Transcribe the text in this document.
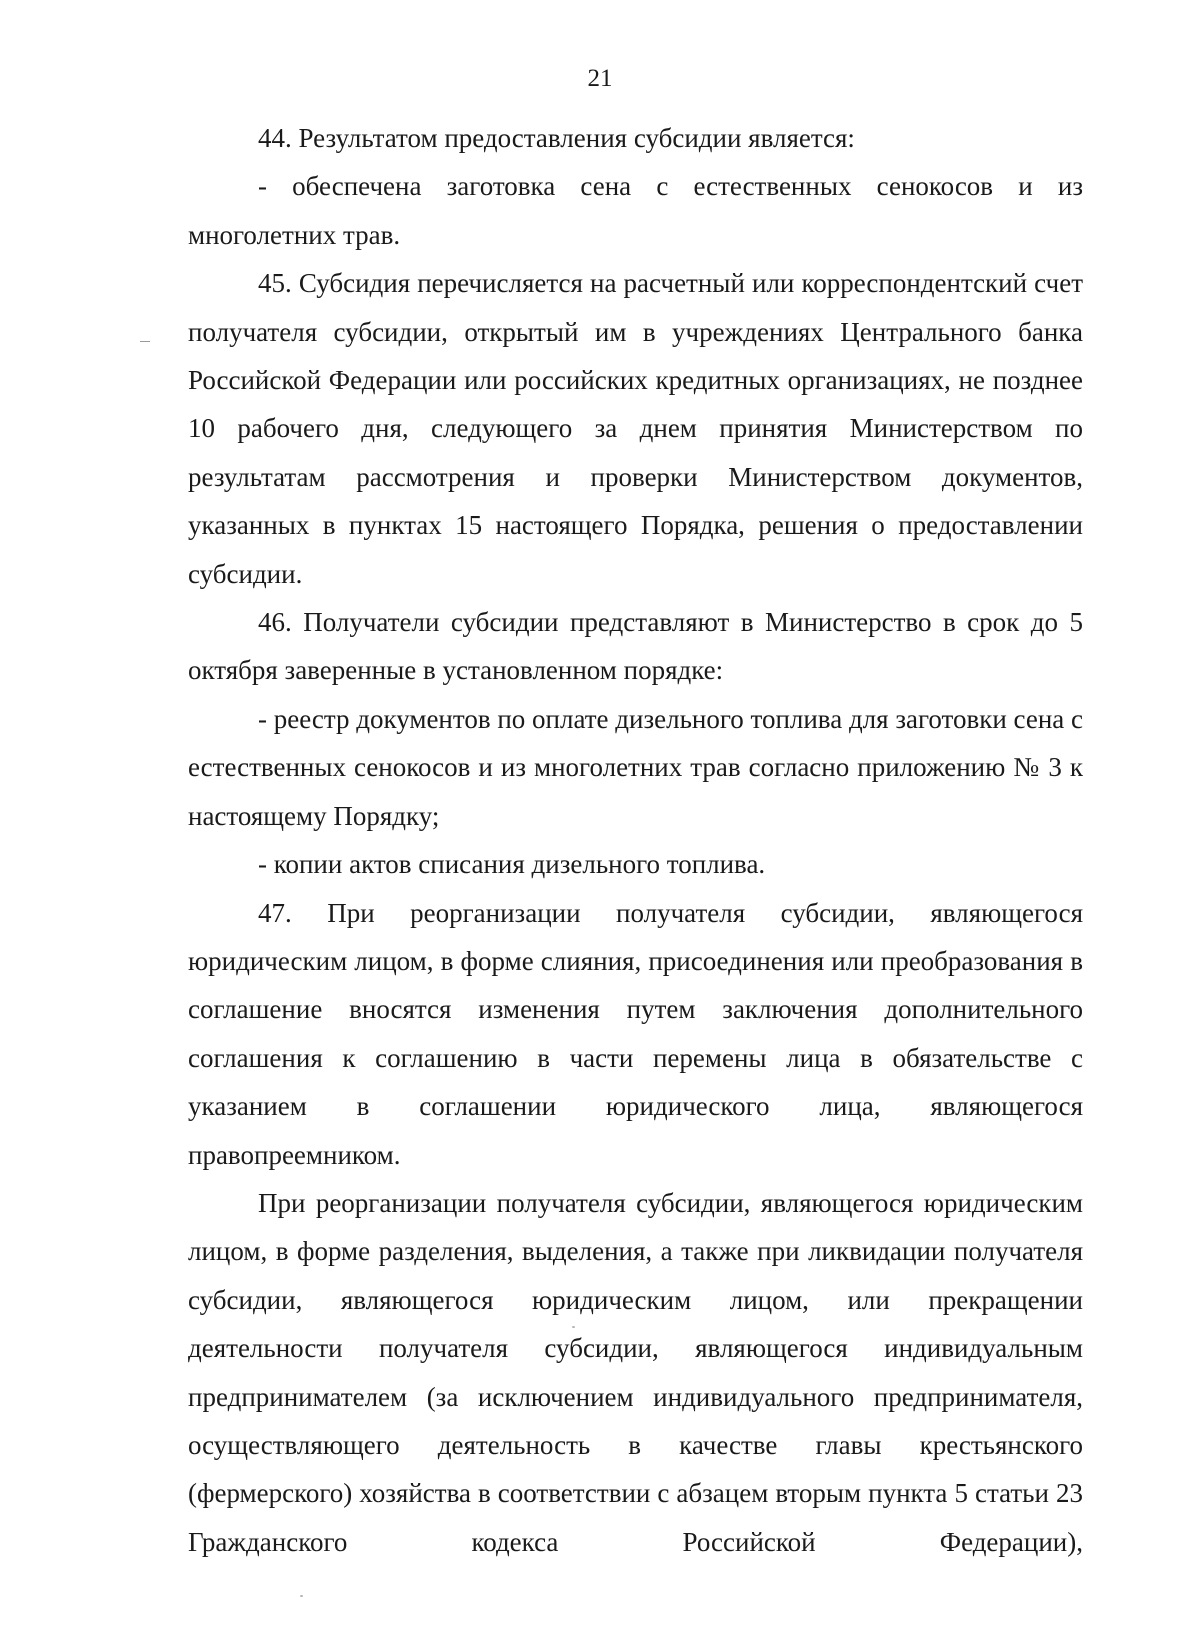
21

44. Результатом предоставления субсидии является:

- обеспечена заготовка сена с естественных сенокосов и из многолетних трав.

45. Субсидия перечисляется на расчетный или корреспондентский счет получателя субсидии, открытый им в учреждениях Центрального банка Российской Федерации или российских кредитных организациях, не позднее 10 рабочего дня, следующего за днем принятия Министерством по результатам рассмотрения и проверки Министерством документов, указанных в пунктах 15 настоящего Порядка, решения о предоставлении субсидии.

46. Получатели субсидии представляют в Министерство в срок до 5 октября заверенные в установленном порядке:

- реестр документов по оплате дизельного топлива для заготовки сена с естественных сенокосов и из многолетних трав согласно приложению № 3 к настоящему Порядку;

- копии актов списания дизельного топлива.

47. При реорганизации получателя субсидии, являющегося юридическим лицом, в форме слияния, присоединения или преобразования в соглашение вносятся изменения путем заключения дополнительного соглашения к соглашению в части перемены лица в обязательстве с указанием в соглашении юридического лица, являющегося правопреемником.

При реорганизации получателя субсидии, являющегося юридическим лицом, в форме разделения, выделения, а также при ликвидации получателя субсидии, являющегося юридическим лицом, или прекращении деятельности получателя субсидии, являющегося индивидуальным предпринимателем (за исключением индивидуального предпринимателя, осуществляющего деятельность в качестве главы крестьянского (фермерского) хозяйства в соответствии с абзацем вторым пункта 5 статьи 23 Гражданского кодекса Российской Федерации),
